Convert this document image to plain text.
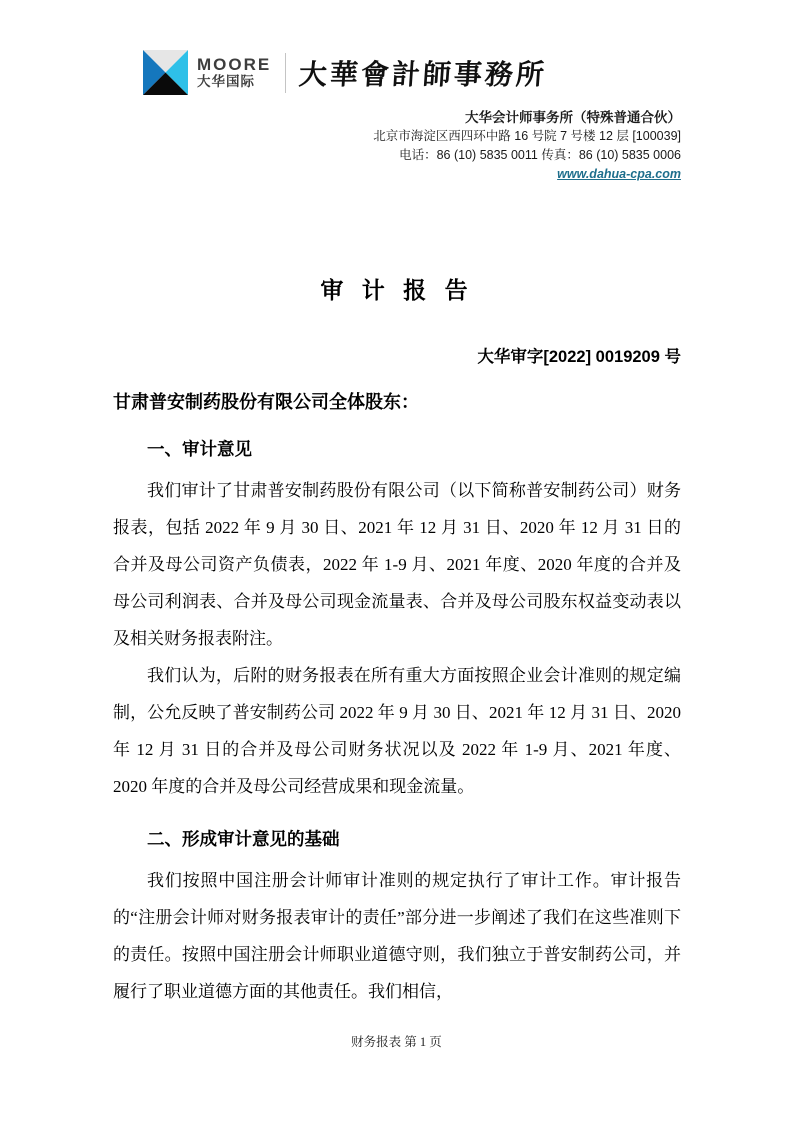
MOORE
大华国际	大華會計師事務所
大华会计师事务所（特殊普通合伙）
北京市海淀区西四环中路 16 号院 7 号楼 12 层 [100039]
电话：86 (10) 5835 0011 传真：86 (10) 5835 0006
www.dahua-cpa.com
审 计 报 告
大华审字[2022] 0019209 号
甘肃普安制药股份有限公司全体股东：
一、审计意见

我们审计了甘肃普安制药股份有限公司（以下简称普安制药公司）财务报表，包括 2022 年 9 月 30 日、2021 年 12 月 31 日、2020 年 12 月 31 日的合并及母公司资产负债表，2022 年 1-9 月、2021 年度、2020 年度的合并及母公司利润表、合并及母公司现金流量表、合并及母公司股东权益变动表以及相关财务报表附注。

我们认为，后附的财务报表在所有重大方面按照企业会计准则的规定编制，公允反映了普安制药公司 2022 年 9 月 30 日、2021 年 12 月 31 日、2020 年 12 月 31 日的合并及母公司财务状况以及 2022 年 1-9 月、2021 年度、2020 年度的合并及母公司经营成果和现金流量。

二、形成审计意见的基础

我们按照中国注册会计师审计准则的规定执行了审计工作。审计报告的“注册会计师对财务报表审计的责任”部分进一步阐述了我们在这些准则下的责任。按照中国注册会计师职业道德守则，我们独立于普安制药公司，并履行了职业道德方面的其他责任。我们相信，

财务报表 第 1 页
